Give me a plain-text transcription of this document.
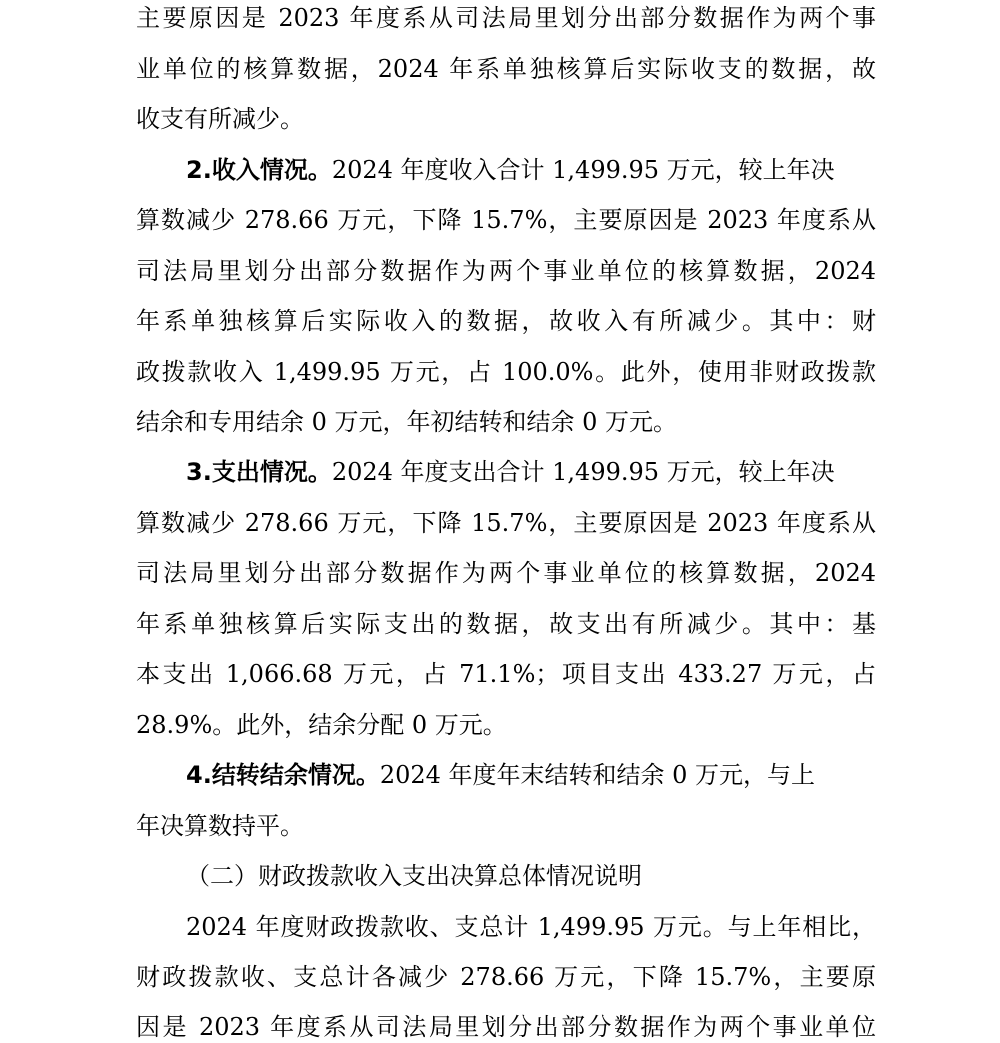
主要原因是 2023 年度系从司法局里划分出部分数据作为两个事
业单位的核算数据，2024 年系单独核算后实际收支的数据，故
收支有所减少。
2.收入情况。2024 年度收入合计 1,499.95 万元，较上年决
算数减少 278.66 万元，下降 15.7%，主要原因是 2023 年度系从
司法局里划分出部分数据作为两个事业单位的核算数据，2024
年系单独核算后实际收入的数据，故收入有所减少。其中：财
政拨款收入 1,499.95 万元，占 100.0%。此外，使用非财政拨款
结余和专用结余 0 万元，年初结转和结余 0 万元。
3.支出情况。2024 年度支出合计 1,499.95 万元，较上年决
算数减少 278.66 万元，下降 15.7%，主要原因是 2023 年度系从
司法局里划分出部分数据作为两个事业单位的核算数据，2024
年系单独核算后实际支出的数据，故支出有所减少。其中：基
本支出 1,066.68 万元，占 71.1%；项目支出 433.27 万元，占
28.9%。此外，结余分配 0 万元。
4.结转结余情况。2024 年度年末结转和结余 0 万元，与上
年决算数持平。
（二）财政拨款收入支出决算总体情况说明
2024 年度财政拨款收、支总计 1,499.95 万元。与上年相比，
财政拨款收、支总计各减少 278.66 万元，下降 15.7%，主要原
因是 2023 年度系从司法局里划分出部分数据作为两个事业单位
